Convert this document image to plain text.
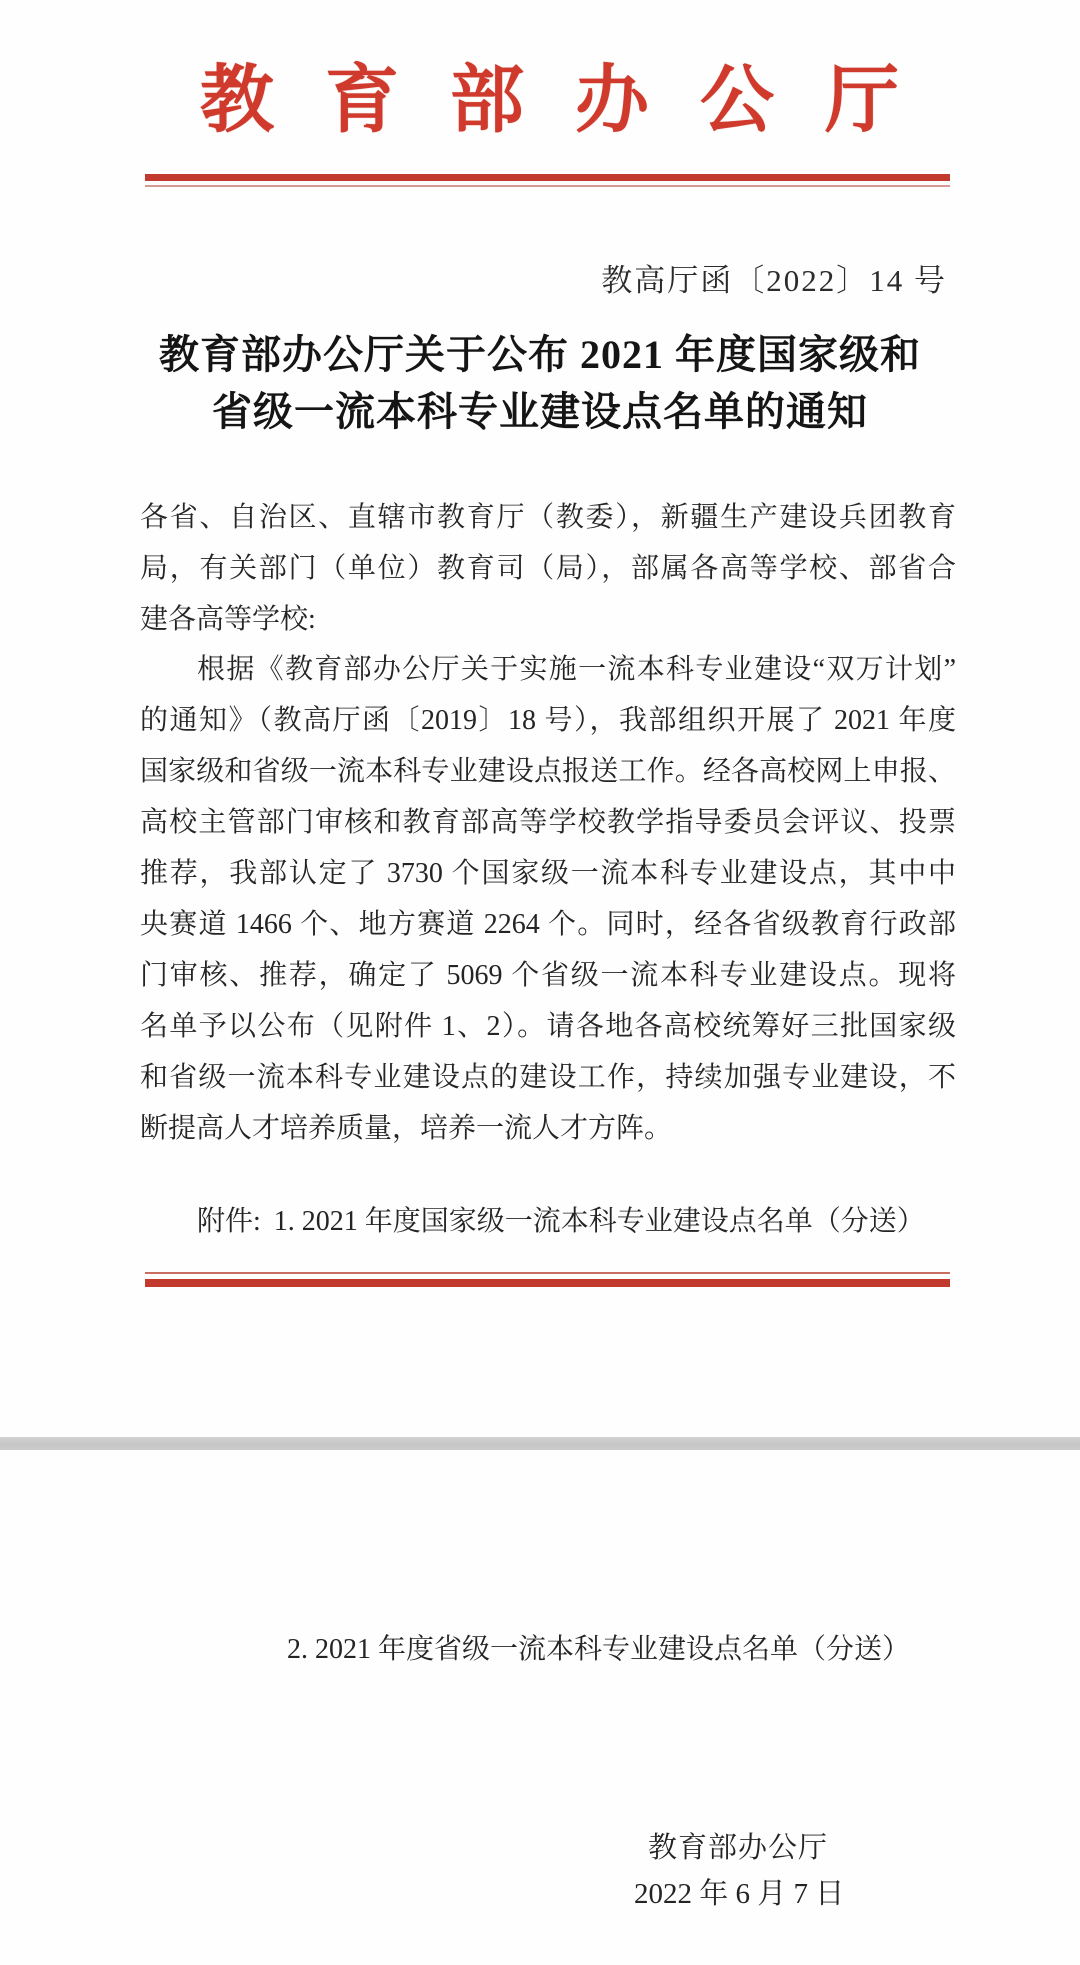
教育部办公厅
教高厅函〔2022〕14 号
教育部办公厅关于公布 2021 年度国家级和
省级一流本科专业建设点名单的通知
各省、自治区、直辖市教育厅（教委），新疆生产建设兵团教育
局，有关部门（单位）教育司（局），部属各高等学校、部省合
建各高等学校:
根据《教育部办公厅关于实施一流本科专业建设“双万计划”
的通知》（教高厅函〔2019〕18 号），我部组织开展了 2021 年度
国家级和省级一流本科专业建设点报送工作。经各高校网上申报、
高校主管部门审核和教育部高等学校教学指导委员会评议、投票
推荐，我部认定了 3730 个国家级一流本科专业建设点，其中中
央赛道 1466 个、地方赛道 2264 个。同时，经各省级教育行政部
门审核、推荐，确定了 5069 个省级一流本科专业建设点。现将
名单予以公布（见附件 1、2）。请各地各高校统筹好三批国家级
和省级一流本科专业建设点的建设工作，持续加强专业建设，不
断提高人才培养质量，培养一流人才方阵。
附件: 1. 2021 年度国家级一流本科专业建设点名单（分送）
2. 2021 年度省级一流本科专业建设点名单（分送）
教育部办公厅
2022 年 6 月 7 日
